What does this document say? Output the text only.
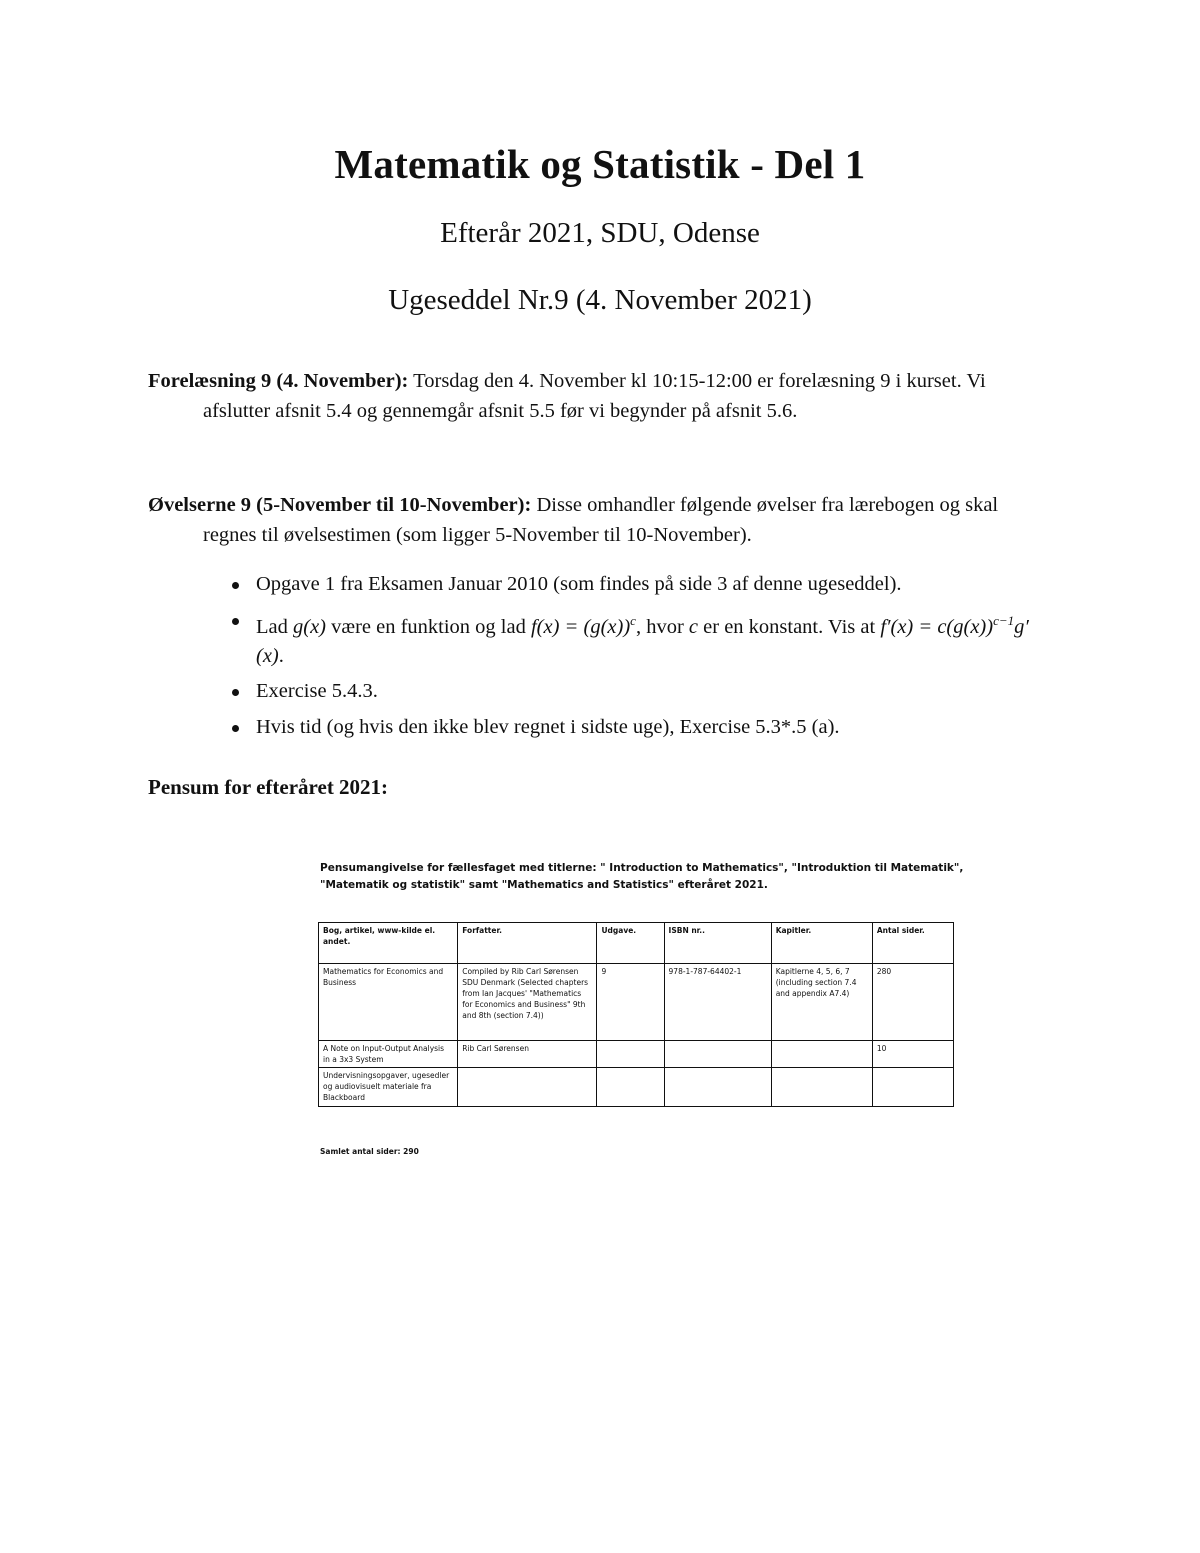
Matematik og Statistik - Del 1
Efterår 2021, SDU, Odense
Ugeseddel Nr.9 (4. November 2021)

Forelæsning 9 (4. November): Torsdag den 4. November kl 10:15-12:00 er forelæsning 9 i kurset. Vi afslutter afsnit 5.4 og gennemgår afsnit 5.5 før vi begynder på afsnit 5.6.

Øvelserne 9 (5-November til 10-November): Disse omhandler følgende øvelser fra lærebogen og skal regnes til øvelsestimen (som ligger 5-November til 10-November).

Opgave 1 fra Eksamen Januar 2010 (som findes på side 3 af denne ugeseddel).
Lad g(x) være en funktion og lad $f(x) = (g(x))^c$, hvor c er en konstant. Vis at $f'(x) = c(g(x))^{c-1}g'(x)$.
Exercise 5.4.3.
Hvis tid (og hvis den ikke blev regnet i sidste uge), Exercise 5.3*.5 (a).
Pensum for efteråret 2021:
Pensumangivelse for fællesfaget med titlerne: " Introduction to Mathematics", "Introduktion til Matematik", "Matematik og statistik" samt "Mathematics and Statistics" efteråret 2021.
Bog, artikel, www-kilde el. andet.	Forfatter.	Udgave.	ISBN nr..	Kapitler.	Antal sider.
Mathematics for Economics and Business	Compiled by Rib Carl Sørensen SDU Denmark (Selected chapters from Ian Jacques' "Mathematics for Economics and Business" 9th and 8th (section 7.4))	9	978-1-787-64402-1	Kapitlerne 4, 5, 6, 7 (including section 7.4 and appendix A7.4)	280
A Note on Input-Output Analysis in a 3x3 System	Rib Carl Sørensen				10
Undervisningsopgaver, ugesedler og audiovisuelt materiale fra Blackboard					
Samlet antal sider: 290
